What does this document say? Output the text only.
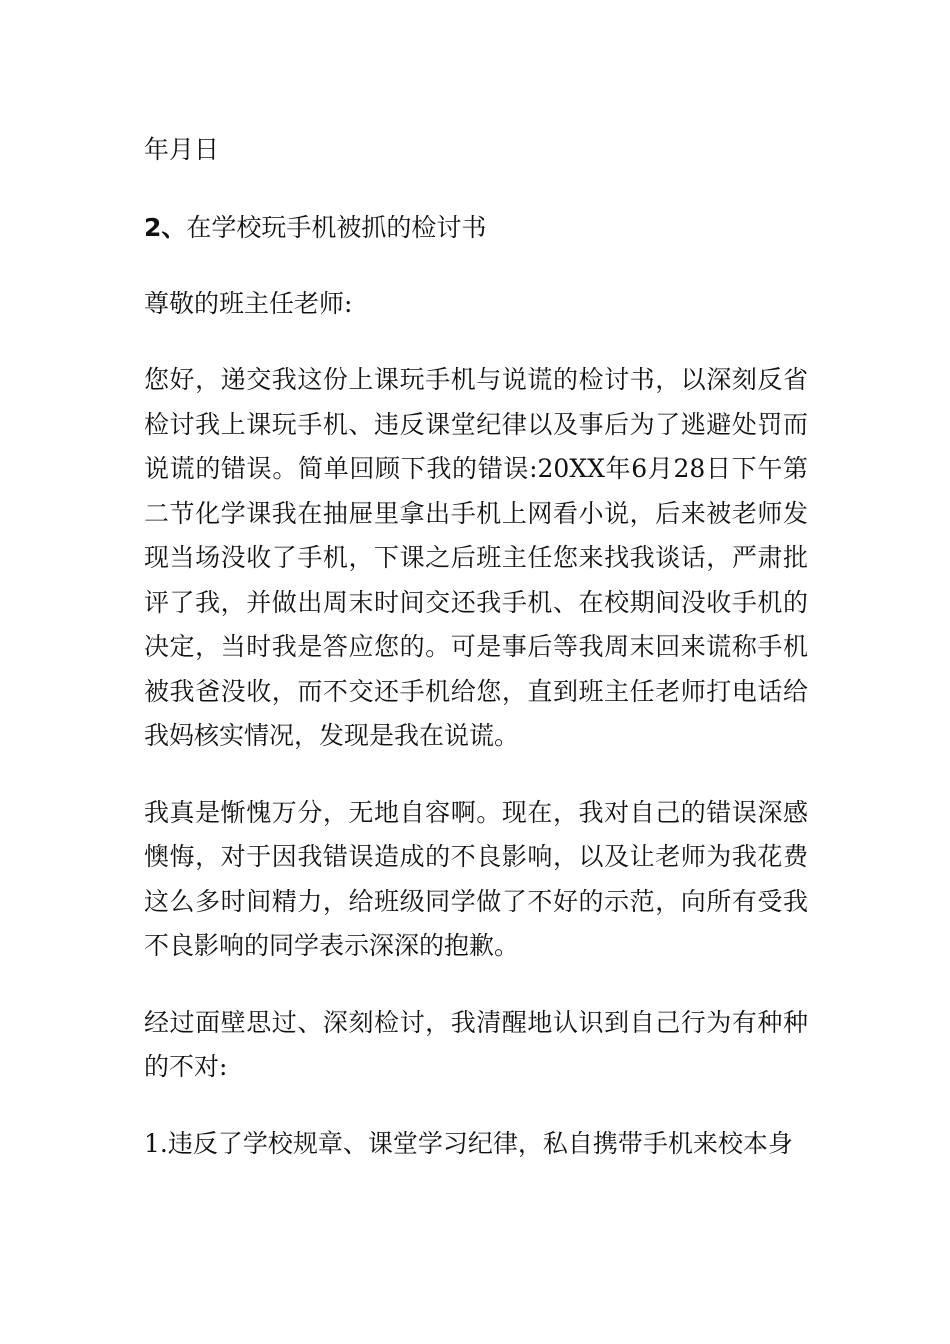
年月日

2、在学校玩手机被抓的检讨书

尊敬的班主任老师:

您好，递交我这份上课玩手机与说谎的检讨书，以深刻反省检讨我上课玩手机、违反课堂纪律以及事后为了逃避处罚而说谎的错误。简单回顾下我的错误:20XX年6月28日下午第二节化学课我在抽屉里拿出手机上网看小说，后来被老师发现当场没收了手机，下课之后班主任您来找我谈话，严肃批评了我，并做出周末时间交还我手机、在校期间没收手机的决定，当时我是答应您的。可是事后等我周末回来谎称手机被我爸没收，而不交还手机给您，直到班主任老师打电话给我妈核实情况，发现是我在说谎。

我真是惭愧万分，无地自容啊。现在，我对自己的错误深感懊悔，对于因我错误造成的不良影响，以及让老师为我花费这么多时间精力，给班级同学做了不好的示范，向所有受我不良影响的同学表示深深的抱歉。

经过面壁思过、深刻检讨，我清醒地认识到自己行为有种种的不对:

1.违反了学校规章、课堂学习纪律，私自携带手机来校本身
